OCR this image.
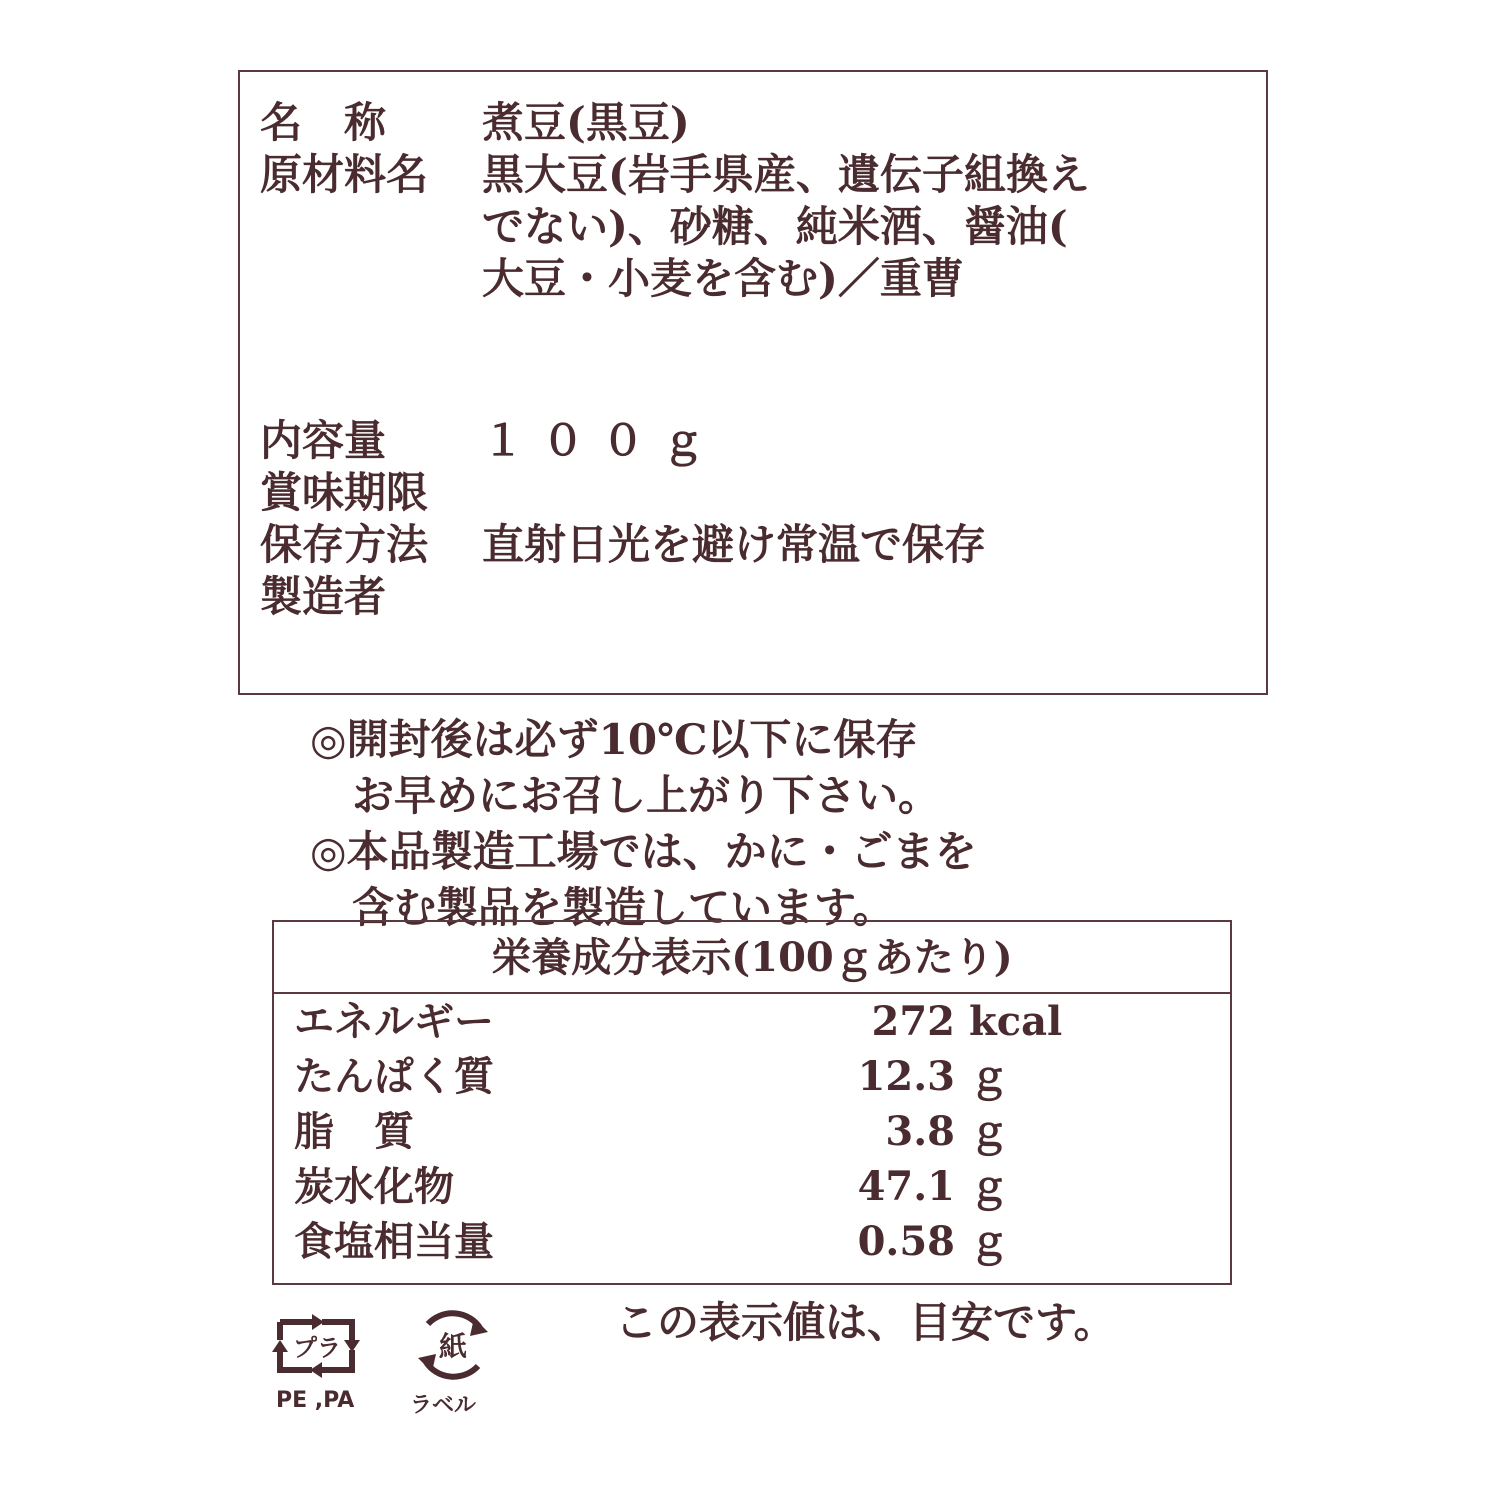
名　称	煮豆(黒豆)
原材料名	黒大豆(岩手県産、遺伝子組換え
でない)、砂糖、純米酒、醤油(
大豆・小麦を含む)／重曹
内容量	１００ｇ
賞味期限
保存方法	直射日光を避け常温で保存
製造者
◎開封後は必ず10℃以下に保存
　お早めにお召し上がり下さい。
◎本品製造工場では、かに・ごまを
　含む製品を製造しています。
栄養成分表示(100ｇあたり)
エネルギー	272 kcal
たんぱく質	12.3 ｇ
脂　質	3.8 ｇ
炭水化物	47.1 ｇ
食塩相当量	0.58 ｇ
この表示値は、目安です。
プラ
PE ,PA
紙
ラベル
